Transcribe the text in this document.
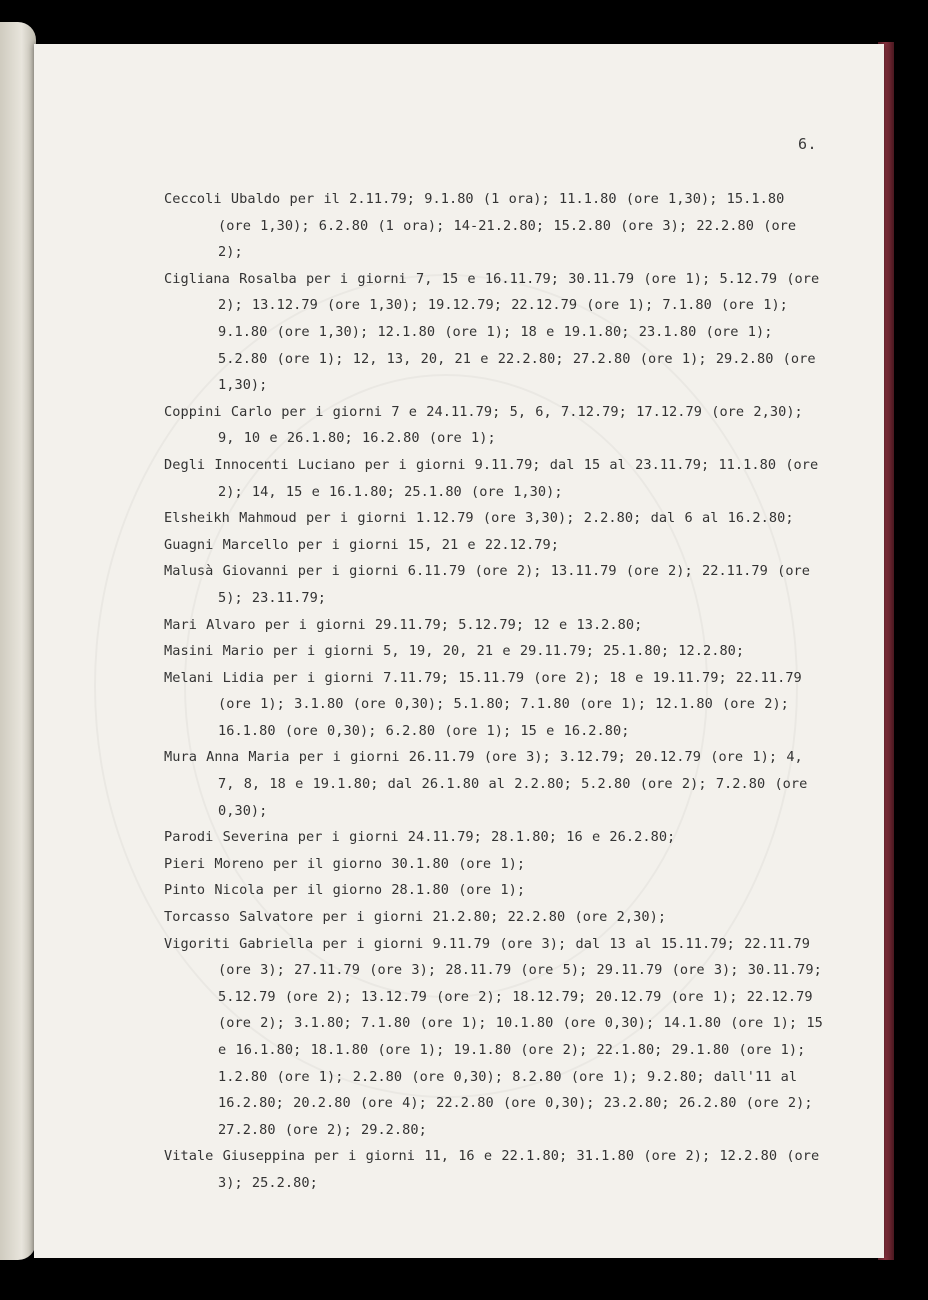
6.

Ceccoli Ubaldo per il 2.11.79; 9.1.80 (1 ora); 11.1.80 (ore 1,30); 15.1.80 (ore 1,30); 6.2.80 (1 ora); 14-21.2.80; 15.2.80 (ore 3); 22.2.80 (ore 2);

Cigliana Rosalba per i giorni 7, 15 e 16.11.79; 30.11.79 (ore 1); 5.12.79 (ore 2); 13.12.79 (ore 1,30); 19.12.79; 22.12.79 (ore 1); 7.1.80 (ore 1); 9.1.80 (ore 1,30); 12.1.80 (ore 1); 18 e 19.1.80; 23.1.80 (ore 1); 5.2.80 (ore 1); 12, 13, 20, 21 e 22.2.80; 27.2.80 (ore 1); 29.2.80 (ore 1,30);

Coppini Carlo per i giorni 7 e 24.11.79; 5, 6, 7.12.79; 17.12.79 (ore 2,30); 9, 10 e 26.1.80; 16.2.80 (ore 1);

Degli Innocenti Luciano per i giorni 9.11.79; dal 15 al 23.11.79; 11.1.80 (ore 2); 14, 15 e 16.1.80; 25.1.80 (ore 1,30);

Elsheikh Mahmoud per i giorni 1.12.79 (ore 3,30); 2.2.80; dal 6 al 16.2.80;

Guagni Marcello per i giorni 15, 21 e 22.12.79;

Malusà Giovanni per i giorni 6.11.79 (ore 2); 13.11.79 (ore 2); 22.11.79 (ore 5); 23.11.79;

Mari Alvaro per i giorni 29.11.79; 5.12.79; 12 e 13.2.80;

Masini Mario per i giorni 5, 19, 20, 21 e 29.11.79; 25.1.80; 12.2.80;

Melani Lidia per i giorni 7.11.79; 15.11.79 (ore 2); 18 e 19.11.79; 22.11.79 (ore 1); 3.1.80 (ore 0,30); 5.1.80; 7.1.80 (ore 1); 12.1.80 (ore 2); 16.1.80 (ore 0,30); 6.2.80 (ore 1); 15 e 16.2.80;

Mura Anna Maria per i giorni 26.11.79 (ore 3); 3.12.79; 20.12.79 (ore 1); 4, 7, 8, 18 e 19.1.80; dal 26.1.80 al 2.2.80; 5.2.80 (ore 2); 7.2.80 (ore 0,30);

Parodi Severina per i giorni 24.11.79; 28.1.80; 16 e 26.2.80;

Pieri Moreno per il giorno 30.1.80 (ore 1);

Pinto Nicola per il giorno 28.1.80 (ore 1);

Torcasso Salvatore per i giorni 21.2.80; 22.2.80 (ore 2,30);

Vigoriti Gabriella per i giorni 9.11.79 (ore 3); dal 13 al 15.11.79; 22.11.79 (ore 3); 27.11.79 (ore 3); 28.11.79 (ore 5); 29.11.79 (ore 3); 30.11.79; 5.12.79 (ore 2); 13.12.79 (ore 2); 18.12.79; 20.12.79 (ore 1); 22.12.79 (ore 2); 3.1.80; 7.1.80 (ore 1); 10.1.80 (ore 0,30); 14.1.80 (ore 1); 15 e 16.1.80; 18.1.80 (ore 1); 19.1.80 (ore 2); 22.1.80; 29.1.80 (ore 1); 1.2.80 (ore 1); 2.2.80 (ore 0,30); 8.2.80 (ore 1); 9.2.80; dall'11 al 16.2.80; 20.2.80 (ore 4); 22.2.80 (ore 0,30); 23.2.80; 26.2.80 (ore 2); 27.2.80 (ore 2); 29.2.80;

Vitale Giuseppina per i giorni 11, 16 e 22.1.80; 31.1.80 (ore 2); 12.2.80 (ore 3); 25.2.80;
